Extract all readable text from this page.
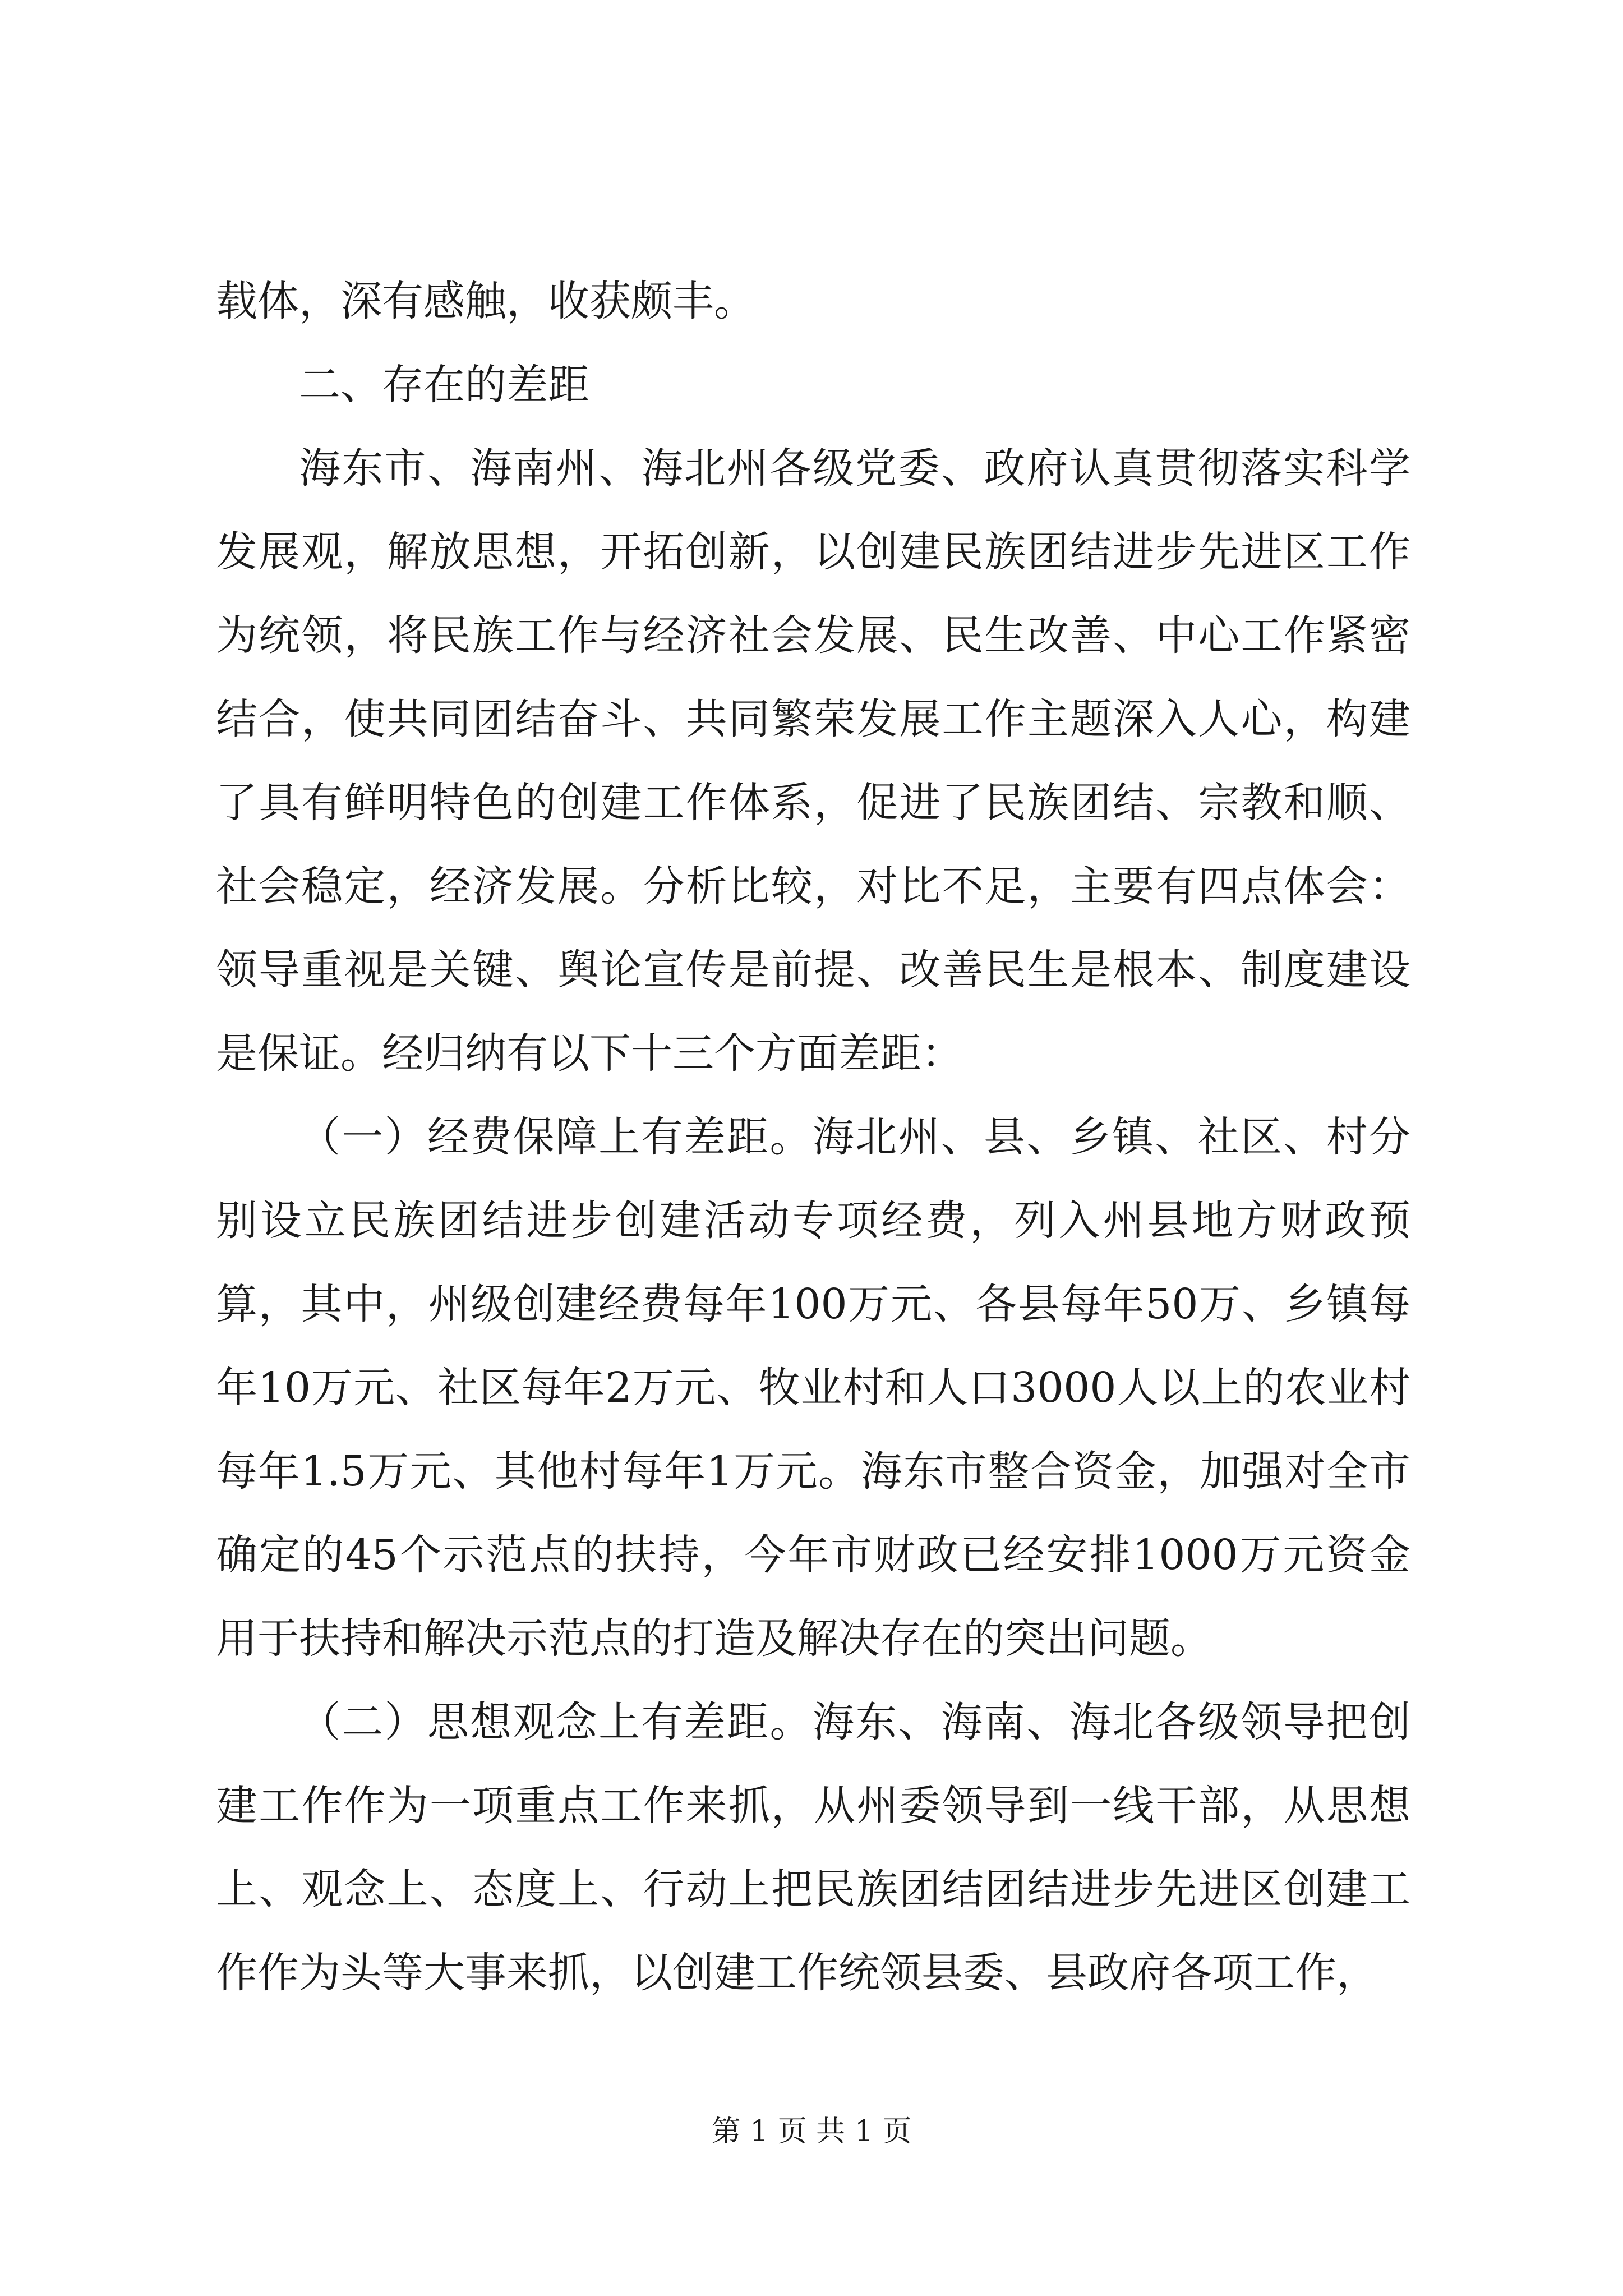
载体，深有感触，收获颇丰。

二、存在的差距

海东市、海南州、海北州各级党委、政府认真贯彻落实科学发展观，解放思想，开拓创新，以创建民族团结进步先进区工作为统领，将民族工作与经济社会发展、民生改善、中心工作紧密结合，使共同团结奋斗、共同繁荣发展工作主题深入人心，构建了具有鲜明特色的创建工作体系，促进了民族团结、宗教和顺、社会稳定，经济发展。分析比较，对比不足，主要有四点体会：领导重视是关键、舆论宣传是前提、改善民生是根本、制度建设是保证。经归纳有以下十三个方面差距：

（一）经费保障上有差距。海北州、县、乡镇、社区、村分别设立民族团结进步创建活动专项经费，列入州县地方财政预算，其中，州级创建经费每年100万元、各县每年50万、乡镇每年10万元、社区每年2万元、牧业村和人口3000人以上的农业村每年1.5万元、其他村每年1万元。海东市整合资金，加强对全市确定的45个示范点的扶持，今年市财政已经安排1000万元资金用于扶持和解决示范点的打造及解决存在的突出问题。

（二）思想观念上有差距。海东、海南、海北各级领导把创建工作作为一项重点工作来抓，从州委领导到一线干部，从思想上、观念上、态度上、行动上把民族团结团结进步先进区创建工作作为头等大事来抓，以创建工作统领县委、县政府各项工作，

第 1 页 共 1 页
